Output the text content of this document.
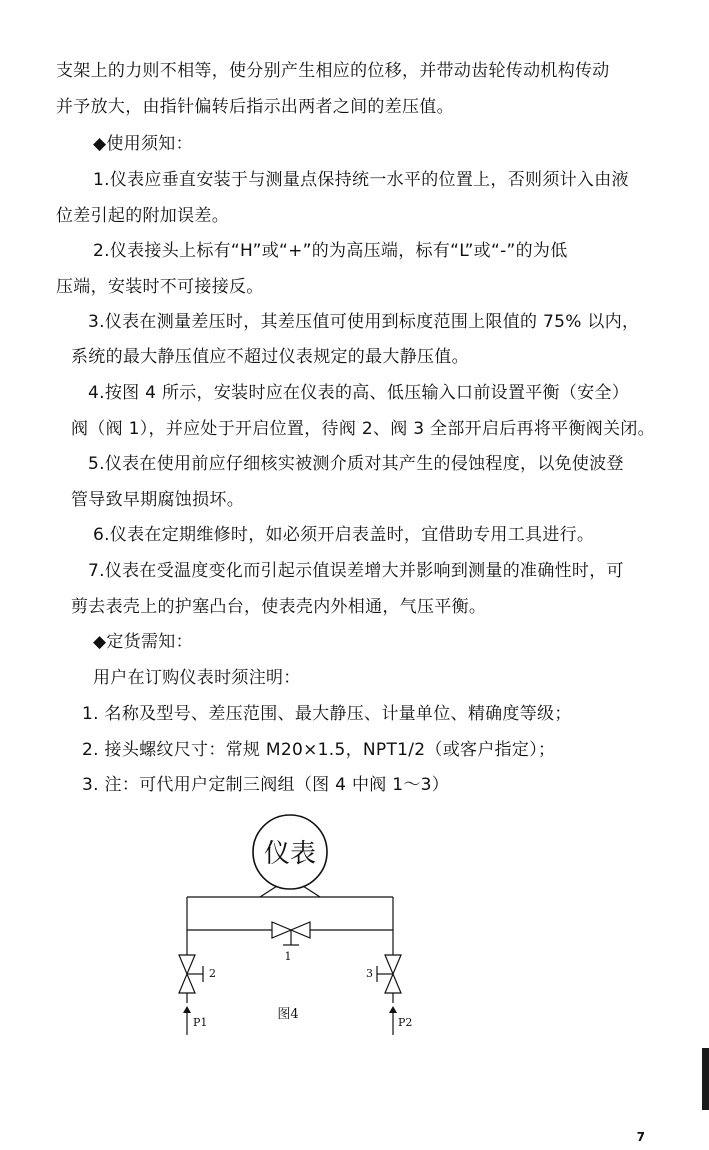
支架上的力则不相等，使分别产生相应的位移，并带动齿轮传动机构传动
并予放大，由指针偏转后指示出两者之间的差压值。
◆使用须知：
1.仪表应垂直安装于与测量点保持统一水平的位置上，否则须计入由液
位差引起的附加误差。
2.仪表接头上标有“H”或“+”的为高压端，标有“L”或“-”的为低
压端，安装时不可接接反。
3.仪表在测量差压时，其差压值可使用到标度范围上限值的 75% 以内，
系统的最大静压值应不超过仪表规定的最大静压值。
4.按图 4 所示，安装时应在仪表的高、低压输入口前设置平衡（安全）
阀（阀 1），并应处于开启位置，待阀 2、阀 3 全部开启后再将平衡阀关闭。
5.仪表在使用前应仔细核实被测介质对其产生的侵蚀程度，以免使波登
管导致早期腐蚀损坏。
6.仪表在定期维修时，如必须开启表盖时，宜借助专用工具进行。
7.仪表在受温度变化而引起示值误差增大并影响到测量的准确性时，可
剪去表壳上的护塞凸台，使表壳内外相通，气压平衡。
◆定货需知：
用户在订购仪表时须注明：
1. 名称及型号、差压范围、最大静压、计量单位、精确度等级；
2. 接头螺纹尺寸：常规 M20×1.5，NPT1/2（或客户指定）；
3. 注：可代用户定制三阀组（图 4 中阀 1～3）
仪表
1
2	3
P1	P2
图4
7
